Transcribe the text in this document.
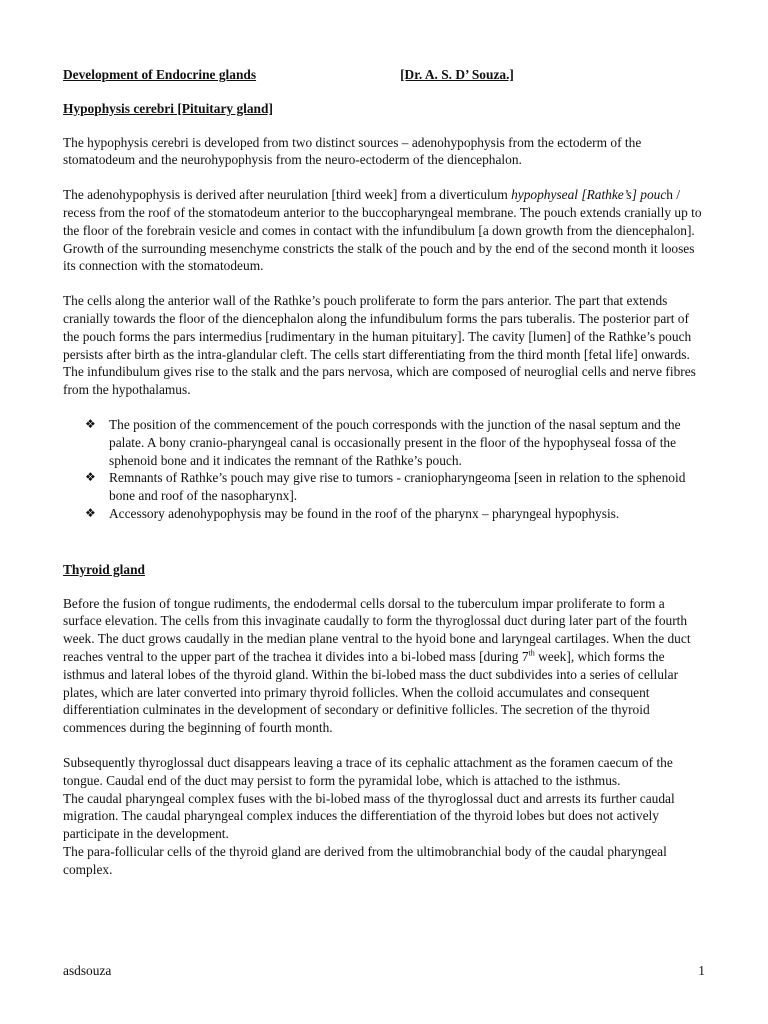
Development of Endocrine glands	[Dr. A. S. D’ Souza.]
Hypophysis cerebri [Pituitary gland]

The hypophysis cerebri is developed from two distinct sources – adenohypophysis from the ectoderm of the stomatodeum and the neurohypophysis from the neuro-ectoderm of the diencephalon.

The adenohypophysis is derived after neurulation [third week] from a diverticulum hypophyseal [Rathke’s] pouch / recess from the roof of the stomatodeum anterior to the buccopharyngeal membrane. The pouch extends cranially up to the floor of the forebrain vesicle and comes in contact with the infundibulum [a down growth from the diencephalon]. Growth of the surrounding mesenchyme constricts the stalk of the pouch and by the end of the second month it looses its connection with the stomatodeum.

The cells along the anterior wall of the Rathke’s pouch proliferate to form the pars anterior. The part that extends cranially towards the floor of the diencephalon along the infundibulum forms the pars tuberalis. The posterior part of the pouch forms the pars intermedius [rudimentary in the human pituitary]. The cavity [lumen] of the Rathke’s pouch persists after birth as the intra-glandular cleft. The cells start differentiating from the third month [fetal life] onwards.

The infundibulum gives rise to the stalk and the pars nervosa, which are composed of neuroglial cells and nerve fibres from the hypothalamus.

❖ The position of the commencement of the pouch corresponds with the junction of the nasal septum and the palate. A bony cranio-pharyngeal canal is occasionally present in the floor of the hypophyseal fossa of the sphenoid bone and it indicates the remnant of the Rathke’s pouch.
❖ Remnants of Rathke’s pouch may give rise to tumors - craniopharyngeoma [seen in relation to the sphenoid bone and roof of the nasopharynx].
❖ Accessory adenohypophysis may be found in the roof of the pharynx – pharyngeal hypophysis.
Thyroid gland

Before the fusion of tongue rudiments, the endodermal cells dorsal to the tuberculum impar proliferate to form a surface elevation. The cells from this invaginate caudally to form the thyroglossal duct during later part of the fourth week. The duct grows caudally in the median plane ventral to the hyoid bone and laryngeal cartilages. When the duct reaches ventral to the upper part of the trachea it divides into a bi-lobed mass [during 7th week], which forms the isthmus and lateral lobes of the thyroid gland. Within the bi-lobed mass the duct subdivides into a series of cellular plates, which are later converted into primary thyroid follicles. When the colloid accumulates and consequent differentiation culminates in the development of secondary or definitive follicles. The secretion of the thyroid commences during the beginning of fourth month.

Subsequently thyroglossal duct disappears leaving a trace of its cephalic attachment as the foramen caecum of the tongue. Caudal end of the duct may persist to form the pyramidal lobe, which is attached to the isthmus.

The caudal pharyngeal complex fuses with the bi-lobed mass of the thyroglossal duct and arrests its further caudal migration. The caudal pharyngeal complex induces the differentiation of the thyroid lobes but does not actively participate in the development.

The para-follicular cells of the thyroid gland are derived from the ultimobranchial body of the caudal pharyngeal complex.

asdsouza	1
